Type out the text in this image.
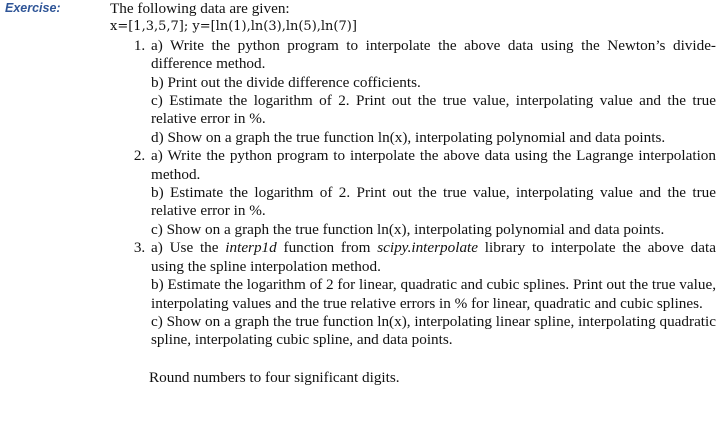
Exercise:	The following data are given:

x=[1,3,5,7]; y=[ln(1),ln(3),ln(5),ln(7)]

1. a) Write the python program to interpolate the above data using the Newton’s divide-difference method.

b) Print out the divide difference cofficients.

c) Estimate the logarithm of 2. Print out the true value, interpolating value and the true relative error in %.

d) Show on a graph the true function ln(x), interpolating polynomial and data points.

2. a) Write the python program to interpolate the above data using the Lagrange interpolation method.

b) Estimate the logarithm of 2. Print out the true value, interpolating value and the true relative error in %.

c) Show on a graph the true function ln(x), interpolating polynomial and data points.

3. a) Use the interp1d function from scipy.interpolate library to interpolate the above data using the spline interpolation method.

b) Estimate the logarithm of 2 for linear, quadratic and cubic splines. Print out the true value, interpolating values and the true relative errors in % for linear, quadratic and cubic splines.

c) Show on a graph the true function ln(x), interpolating linear spline, interpolating quadratic spline, interpolating cubic spline, and data points.

Round numbers to four significant digits.
